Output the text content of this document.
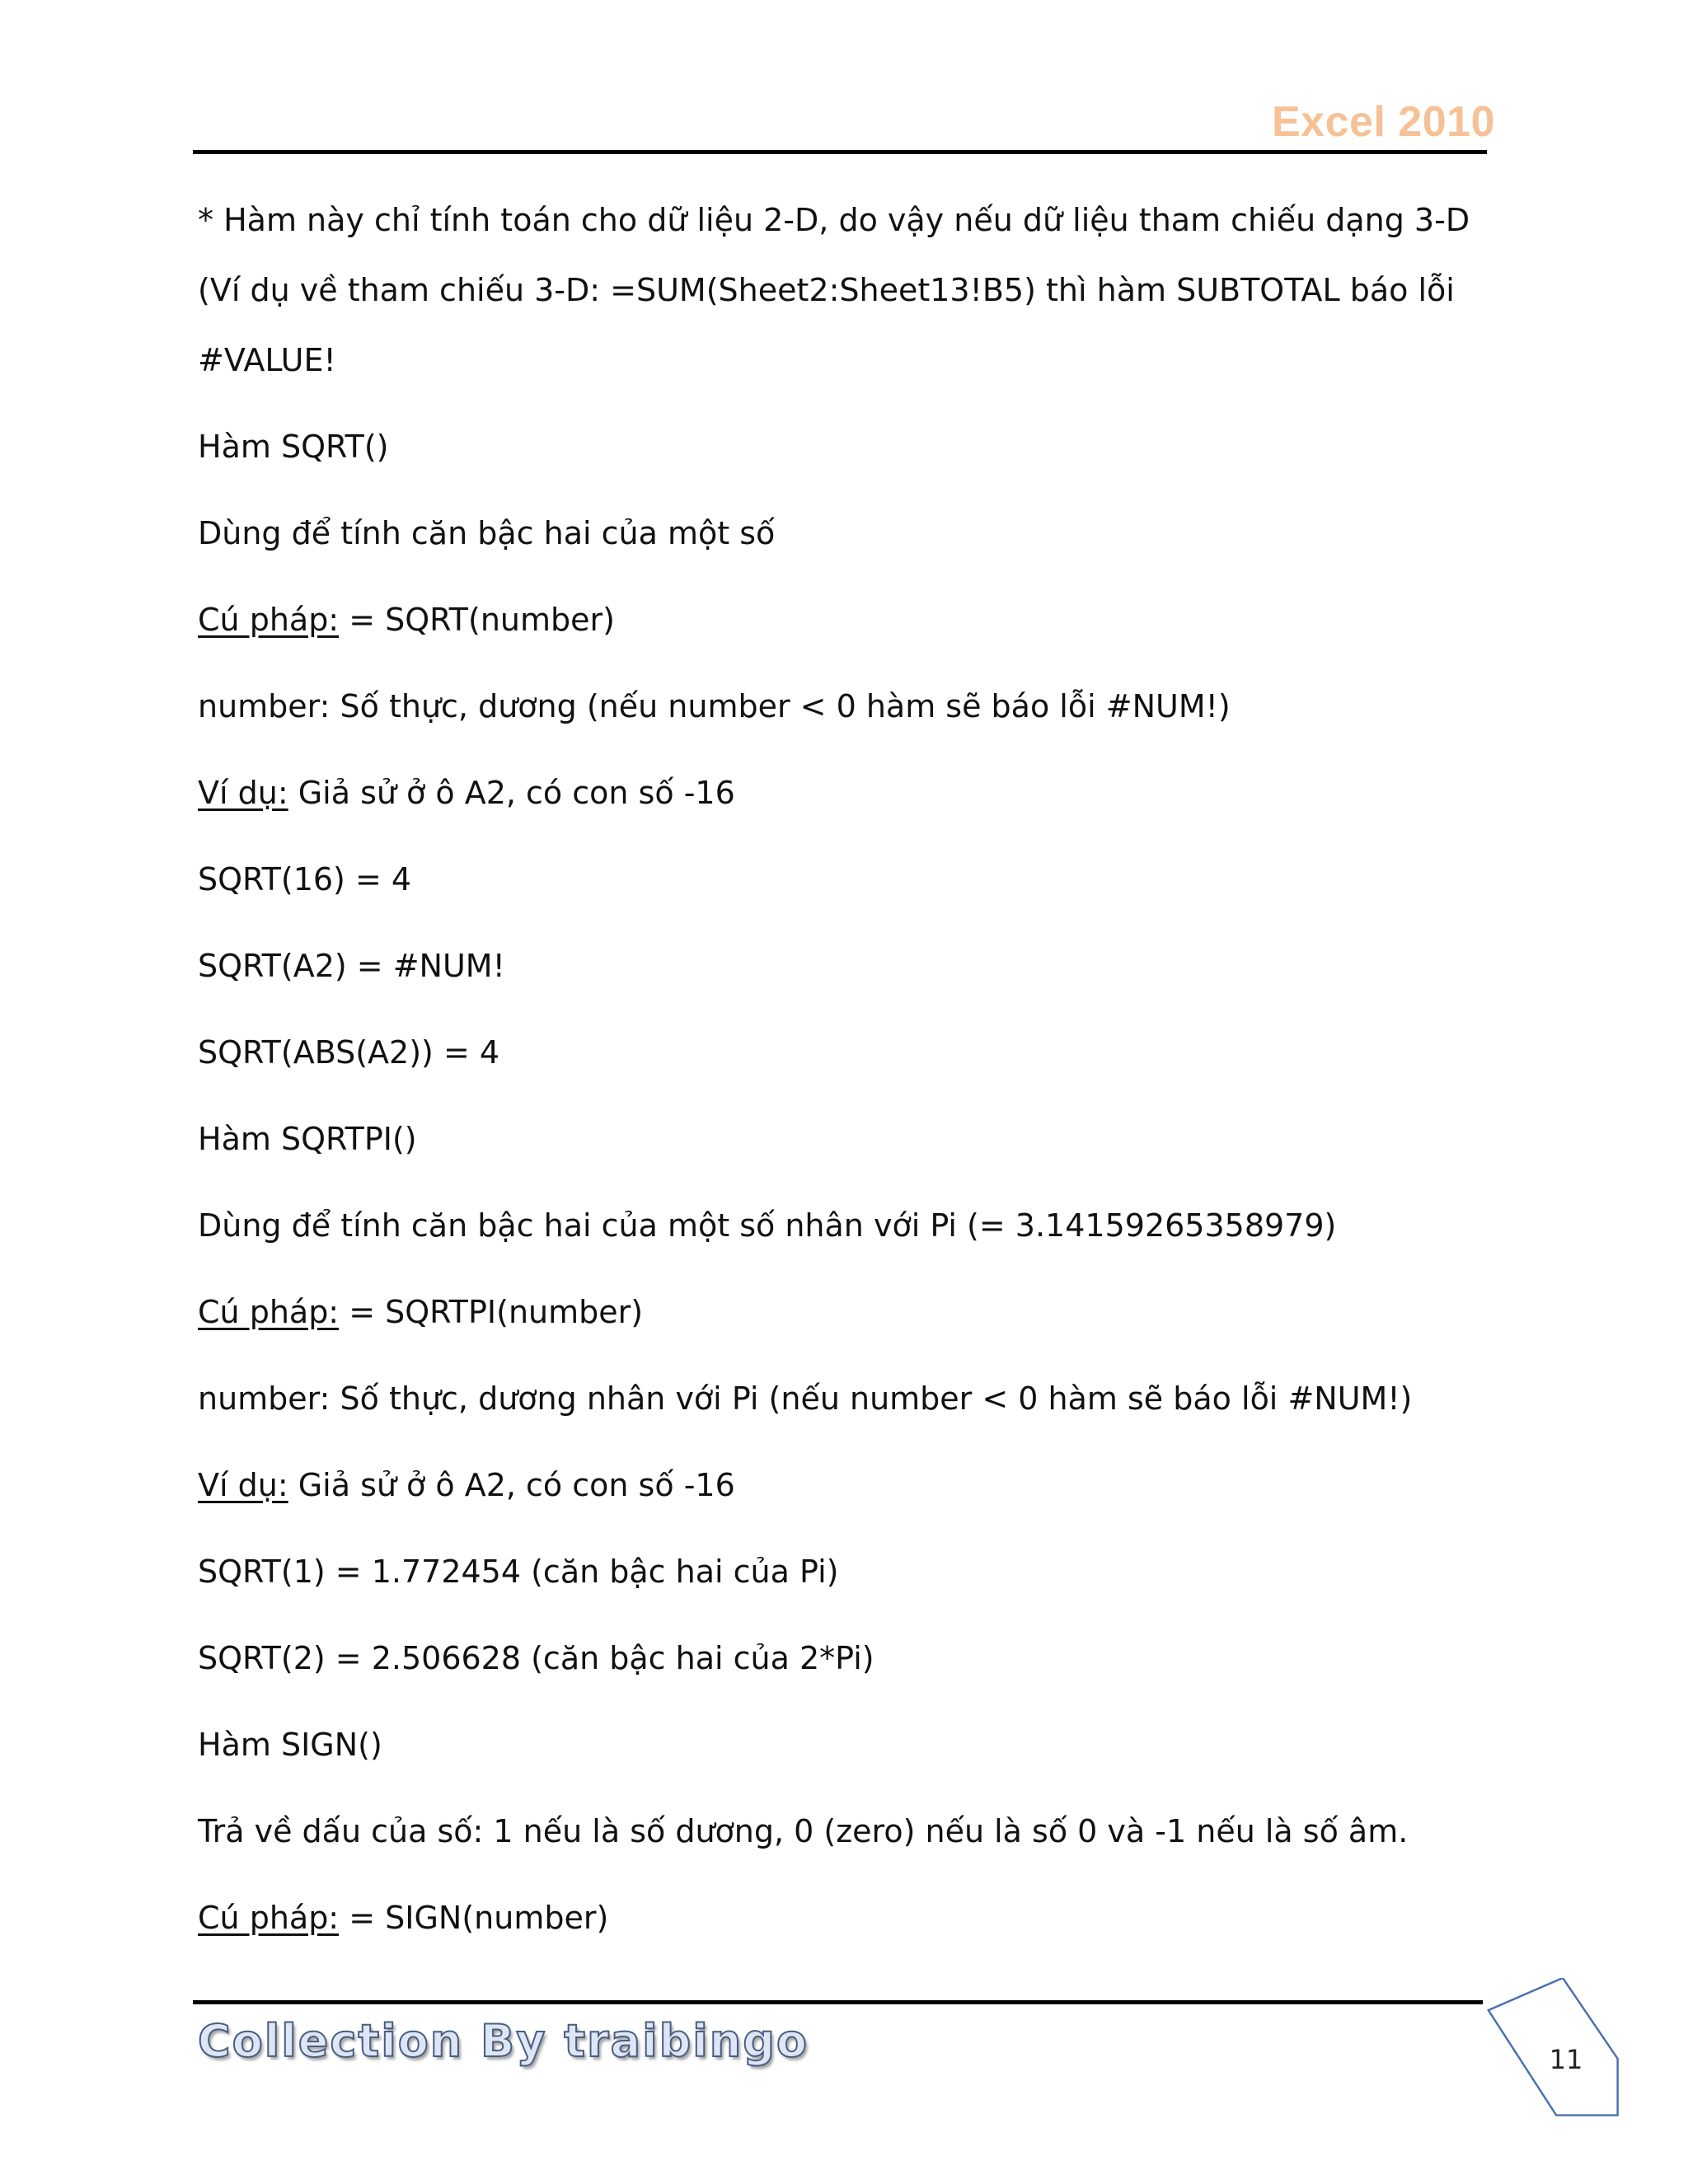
Excel 2010
* Hàm này chỉ tính toán cho dữ liệu 2-D, do vậy nếu dữ liệu tham chiếu dạng 3-D
(Ví dụ về tham chiếu 3-D: =SUM(Sheet2:Sheet13!B5) thì hàm SUBTOTAL báo lỗi
#VALUE!
Hàm SQRT()
Dùng để tính căn bậc hai của một số
Cú pháp: = SQRT(number)
number: Số thực, dương (nếu number < 0 hàm sẽ báo lỗi #NUM!)
Ví dụ: Giả sử ở ô A2, có con số -16
SQRT(16) = 4
SQRT(A2) = #NUM!
SQRT(ABS(A2)) = 4
Hàm SQRTPI()
Dùng để tính căn bậc hai của một số nhân với Pi (= 3.14159265358979)
Cú pháp: = SQRTPI(number)
number: Số thực, dương nhân với Pi (nếu number < 0 hàm sẽ báo lỗi #NUM!)
Ví dụ: Giả sử ở ô A2, có con số -16
SQRT(1) = 1.772454 (căn bậc hai của Pi)
SQRT(2) = 2.506628 (căn bậc hai của 2*Pi)
Hàm SIGN()
Trả về dấu của số: 1 nếu là số dương, 0 (zero) nếu là số 0 và -1 nếu là số âm.
Cú pháp: = SIGN(number)
Collection By traibingo	11
